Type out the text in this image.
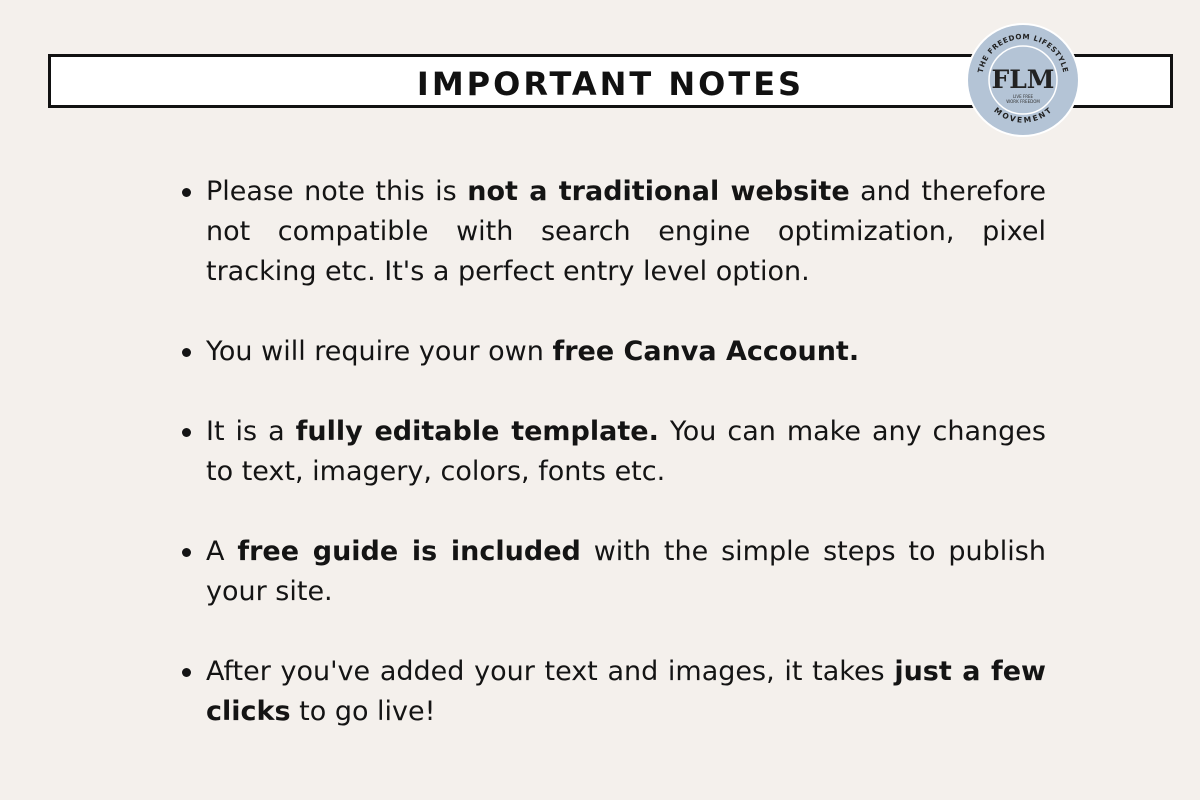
IMPORTANT NOTES	THE FREEDOM LIFESTYLE
MOVEMENT
FLM
LIVE FREE
WORK FREEDOM
Please note this is not a traditional website and therefore not compatible with search engine optimization, pixel tracking etc. It's a perfect entry level option.
You will require your own free Canva Account.
It is a fully editable template. You can make any changes to text, imagery, colors, fonts etc.
A free guide is included with the simple steps to publish your site.
After you've added your text and images, it takes just a few clicks to go live!
